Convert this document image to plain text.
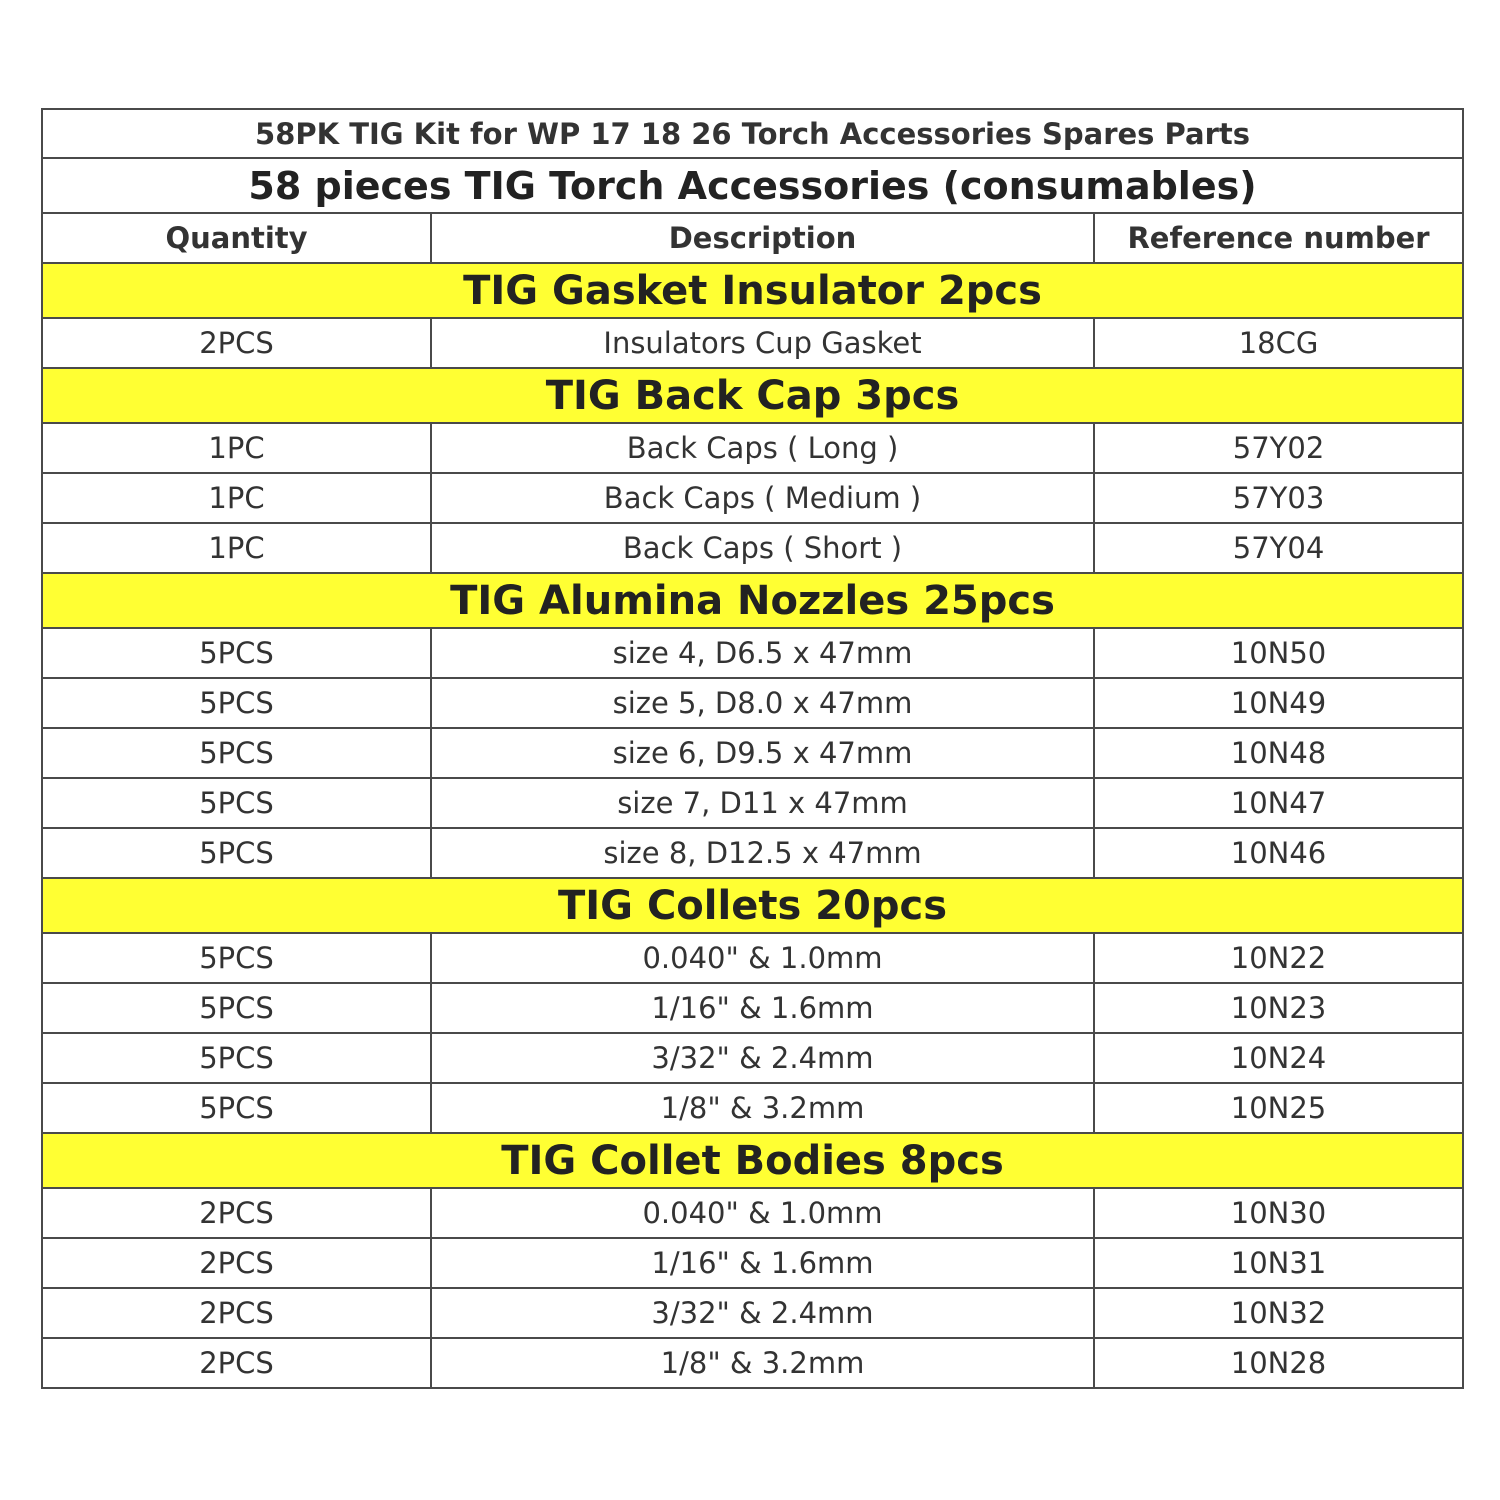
58PK TIG Kit for WP 17 18 26 Torch Accessories Spares Parts		
58 pieces TIG Torch Accessories (consumables)		
Quantity	Description	Reference number
TIG Gasket Insulator 2pcs		
2PCS	Insulators Cup Gasket	18CG
TIG Back Cap 3pcs		
1PC	Back Caps ( Long )	57Y02
1PC	Back Caps ( Medium )	57Y03
1PC	Back Caps ( Short )	57Y04
TIG Alumina Nozzles 25pcs		
5PCS	size 4, D6.5 x 47mm	10N50
5PCS	size 5, D8.0 x 47mm	10N49
5PCS	size 6, D9.5 x 47mm	10N48
5PCS	size 7, D11 x 47mm	10N47
5PCS	size 8, D12.5 x 47mm	10N46
TIG Collets 20pcs		
5PCS	0.040" & 1.0mm	10N22
5PCS	1/16" & 1.6mm	10N23
5PCS	3/32" & 2.4mm	10N24
5PCS	1/8" & 3.2mm	10N25
TIG Collet Bodies 8pcs		
2PCS	0.040" & 1.0mm	10N30
2PCS	1/16" & 1.6mm	10N31
2PCS	3/32" & 2.4mm	10N32
2PCS	1/8" & 3.2mm	10N28
